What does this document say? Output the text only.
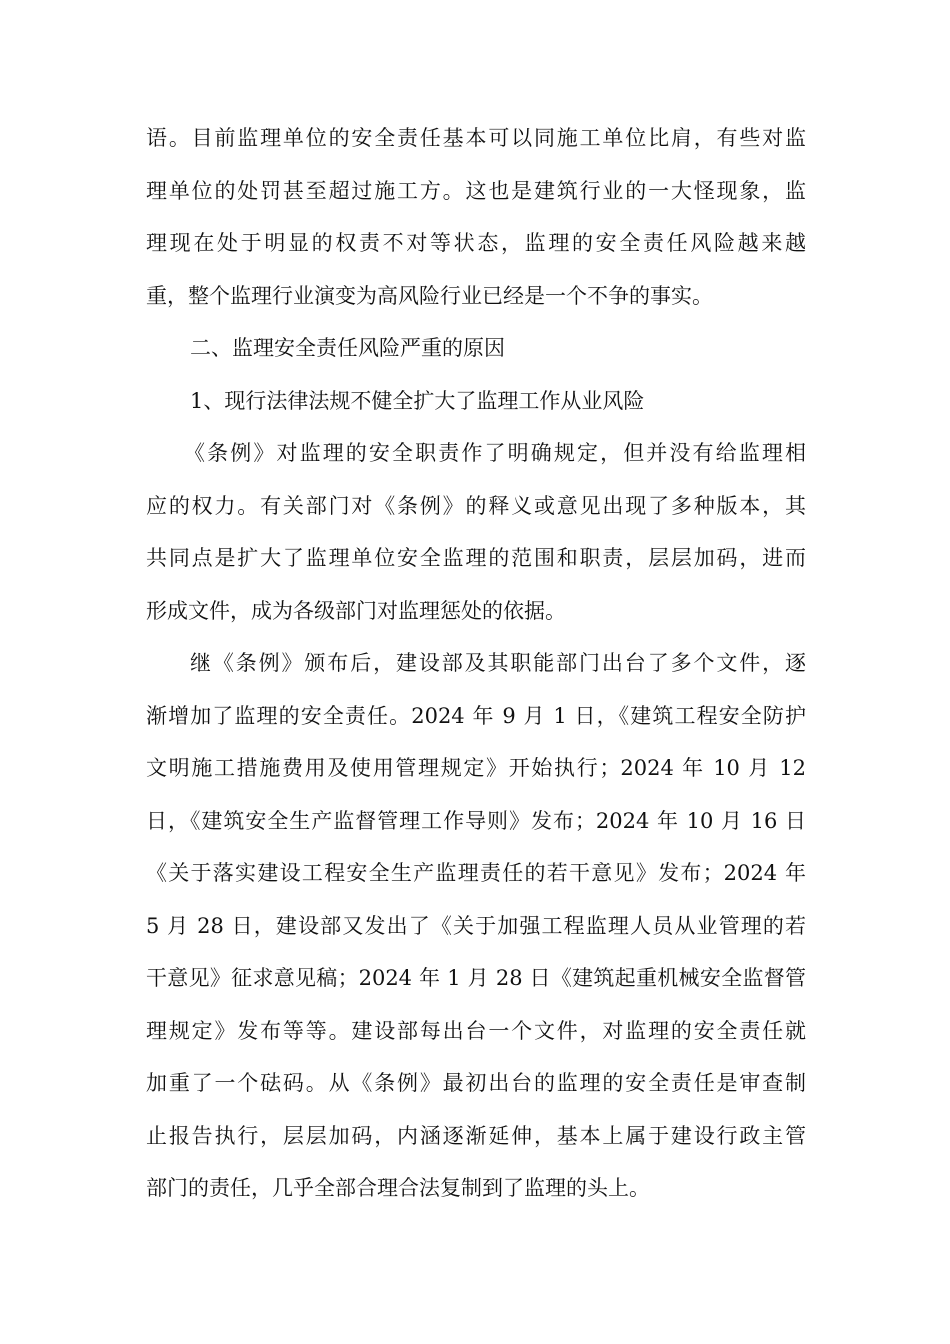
语。目前监理单位的安全责任基本可以同施工单位比肩，有些对监
理单位的处罚甚至超过施工方。这也是建筑行业的一大怪现象，监
理现在处于明显的权责不对等状态，监理的安全责任风险越来越
重，整个监理行业演变为高风险行业已经是一个不争的事实。
二、监理安全责任风险严重的原因
1、现行法律法规不健全扩大了监理工作从业风险
《条例》对监理的安全职责作了明确规定，但并没有给监理相
应的权力。有关部门对《条例》的释义或意见出现了多种版本，其
共同点是扩大了监理单位安全监理的范围和职责，层层加码，进而
形成文件，成为各级部门对监理惩处的依据。
继《条例》颁布后，建设部及其职能部门出台了多个文件，逐
渐增加了监理的安全责任。2024 年 9 月 1 日，《建筑工程安全防护
文明施工措施费用及使用管理规定》开始执行；2024 年 10 月 12
日，《建筑安全生产监督管理工作导则》发布；2024 年 10 月 16 日
《关于落实建设工程安全生产监理责任的若干意见》发布；2024 年
5 月 28 日，建设部又发出了《关于加强工程监理人员从业管理的若
干意见》征求意见稿；2024 年 1 月 28 日《建筑起重机械安全监督管
理规定》发布等等。建设部每出台一个文件，对监理的安全责任就
加重了一个砝码。从《条例》最初出台的监理的安全责任是审查制
止报告执行，层层加码，内涵逐渐延伸，基本上属于建设行政主管
部门的责任，几乎全部合理合法复制到了监理的头上。
